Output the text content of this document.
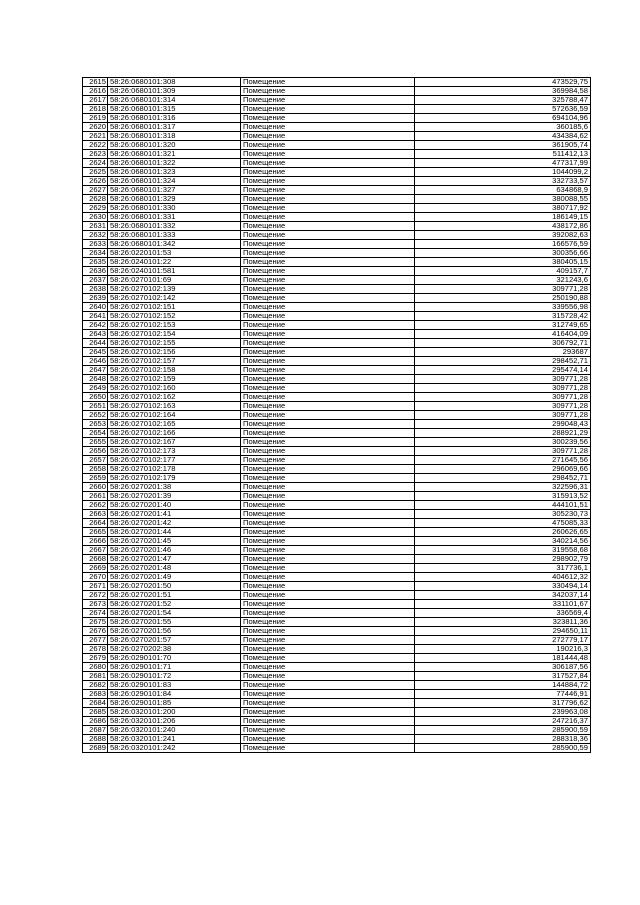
2615	58:26:0680101:308	Помещение	473529,75
2616	58:26:0680101:309	Помещение	369984,58
2617	58:26:0680101:314	Помещение	325788,47
2618	58:26:0680101:315	Помещение	572636,59
2619	58:26:0680101:316	Помещение	694104,96
2620	58:26:0680101:317	Помещение	360185,6
2621	58:26:0680101:318	Помещение	434384,62
2622	58:26:0680101:320	Помещение	361905,74
2623	58:26:0680101:321	Помещение	511412,13
2624	58:26:0680101:322	Помещение	477317,99
2625	58:26:0680101:323	Помещение	1044099,2
2626	58:26:0680101:324	Помещение	332733,57
2627	58:26:0680101:327	Помещение	634868,9
2628	58:26:0680101:329	Помещение	380088,55
2629	58:26:0680101:330	Помещение	380717,92
2630	58:26:0680101:331	Помещение	186149,15
2631	58:26:0680101:332	Помещение	438172,86
2632	58:26:0680101:333	Помещение	392082,63
2633	58:26:0680101:342	Помещение	166576,59
2634	58:26:0220101:53	Помещение	300356,66
2635	58:26:0240101:22	Помещение	380405,15
2636	58:26:0240101:581	Помещение	409157,7
2637	58:26:0270101:69	Помещение	321243,6
2638	58:26:0270102:139	Помещение	309771,28
2639	58:26:0270102:142	Помещение	250190,88
2640	58:26:0270102:151	Помещение	339556,98
2641	58:26:0270102:152	Помещение	315728,42
2642	58:26:0270102:153	Помещение	312749,65
2643	58:26:0270102:154	Помещение	416404,09
2644	58:26:0270102:155	Помещение	306792,71
2645	58:26:0270102:156	Помещение	293687
2646	58:26:0270102:157	Помещение	298452,71
2647	58:26:0270102:158	Помещение	295474,14
2648	58:26:0270102:159	Помещение	309771,28
2649	58:26:0270102:160	Помещение	309771,28
2650	58:26:0270102:162	Помещение	309771,28
2651	58:26:0270102:163	Помещение	309771,28
2652	58:26:0270102:164	Помещение	309771,28
2653	58:26:0270102:165	Помещение	299048,43
2654	58:26:0270102:166	Помещение	288921,29
2655	58:26:0270102:167	Помещение	300239,56
2656	58:26:0270102:173	Помещение	309771,28
2657	58:26:0270102:177	Помещение	271645,56
2658	58:26:0270102:178	Помещение	296069,66
2659	58:26:0270102:179	Помещение	298452,71
2660	58:26:0270201:38	Помещение	322596,31
2661	58:26:0270201:39	Помещение	315913,52
2662	58:26:0270201:40	Помещение	444101,51
2663	58:26:0270201:41	Помещение	305230,73
2664	58:26:0270201:42	Помещение	475085,33
2665	58:26:0270201:44	Помещение	260626,65
2666	58:26:0270201:45	Помещение	340214,56
2667	58:26:0270201:46	Помещение	319558,68
2668	58:26:0270201:47	Помещение	298902,79
2669	58:26:0270201:48	Помещение	317736,1
2670	58:26:0270201:49	Помещение	404612,32
2671	58:26:0270201:50	Помещение	330494,14
2672	58:26:0270201:51	Помещение	342037,14
2673	58:26:0270201:52	Помещение	331101,67
2674	58:26:0270201:54	Помещение	336569,4
2675	58:26:0270201:55	Помещение	323811,36
2676	58:26:0270201:56	Помещение	294650,11
2677	58:26:0270201:57	Помещение	272779,17
2678	58:26:0270202:38	Помещение	190216,3
2679	58:26:0290101:70	Помещение	181444,48
2680	58:26:0290101:71	Помещение	306187,56
2681	58:26:0290101:72	Помещение	317527,84
2682	58:26:0290101:83	Помещение	144884,72
2683	58:26:0290101:84	Помещение	77446,91
2684	58:26:0290101:85	Помещение	317796,62
2685	58:26:0320101:200	Помещение	239963,08
2686	58:26:0320101:206	Помещение	247216,37
2687	58:26:0320101:240	Помещение	285900,59
2688	58:26:0320101:241	Помещение	288318,36
2689	58:26:0320101:242	Помещение	285900,59
